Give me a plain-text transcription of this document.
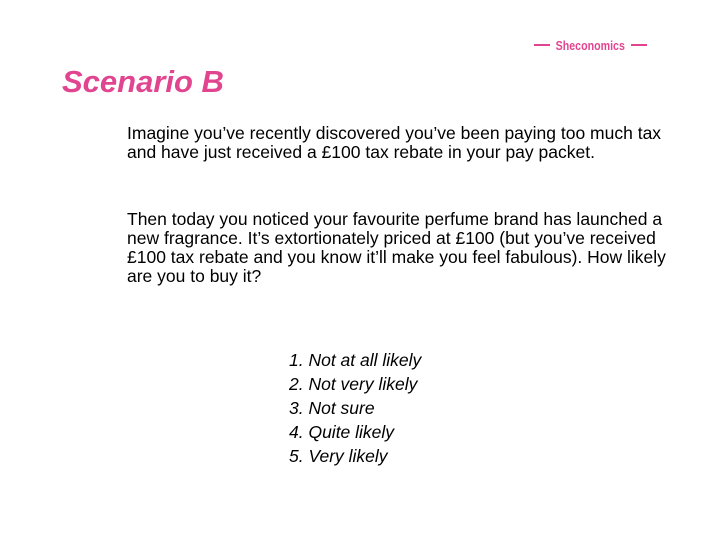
Sheconomics
Scenario B

Imagine you’ve recently discovered you’ve been paying too much tax and have just received a £100 tax rebate in your pay packet.

Then today you noticed your favourite perfume brand has launched a new fragrance. It’s extortionately priced at £100 (but you’ve received £100 tax rebate and you know it’ll make you feel fabulous). How likely are you to buy it?

1. Not at all likely
2. Not very likely
3. Not sure
4. Quite likely
5. Very likely
